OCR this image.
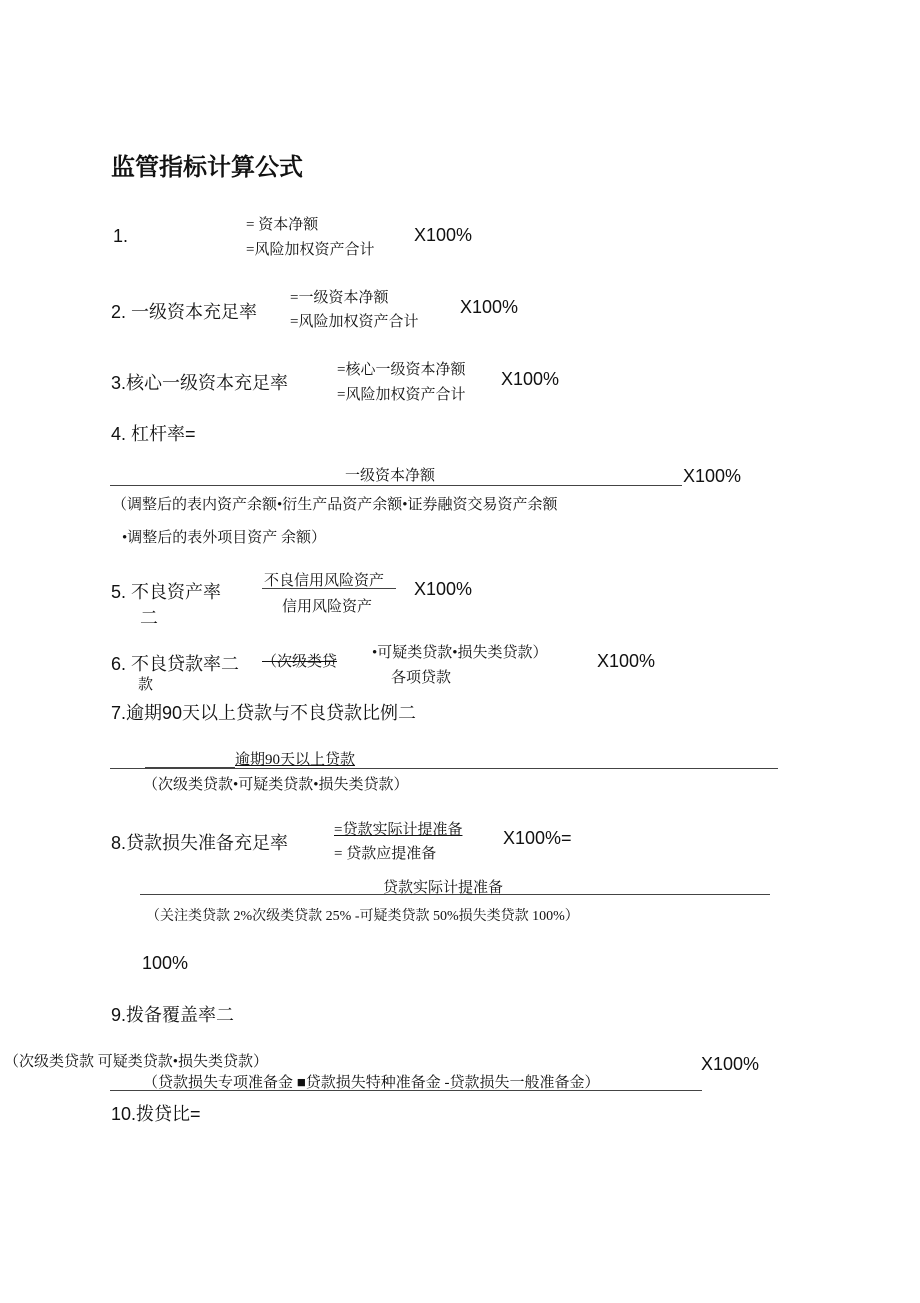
监管指标计算公式
1.
= 资本净额
=风险加权资产合计
X100%
2. 一级资本充足率
=一级资本净额
=风险加权资产合计
X100%
3.核心一级资本充足率
=核心一级资本净额
=风险加权资产合计
X100%
4. 杠杆率=
一级资本净额	X100%
（调整后的表内资产余额•衍生产品资产余额•证券融资交易资产余额
•调整后的表外项目资产 余额）
5. 不良资产率
二
不良信用风险资产
信用风险资产
X100%
6. 不良贷款率二 （次级类贷
款
•可疑类贷款•损失类贷款）
各项贷款
X100%
7.逾期90天以上贷款与不良贷款比例二
逾期90天以上贷款
（次级类贷款•可疑类贷款•损失类贷款）
8.贷款损失准备充足率
=贷款实际计提准备
= 贷款应提准备
X100%=
贷款实际计提准备
（关注类贷款 2%次级类贷款 25% -可疑类贷款 50%损失类贷款 100%）
100%
9.拨备覆盖率二
（次级类贷款 可疑类贷款•损失类贷款）
（贷款损失专项准备金 ■贷款损失特种准备金 -贷款损失一般准备金）
X100%
10.拨贷比=
